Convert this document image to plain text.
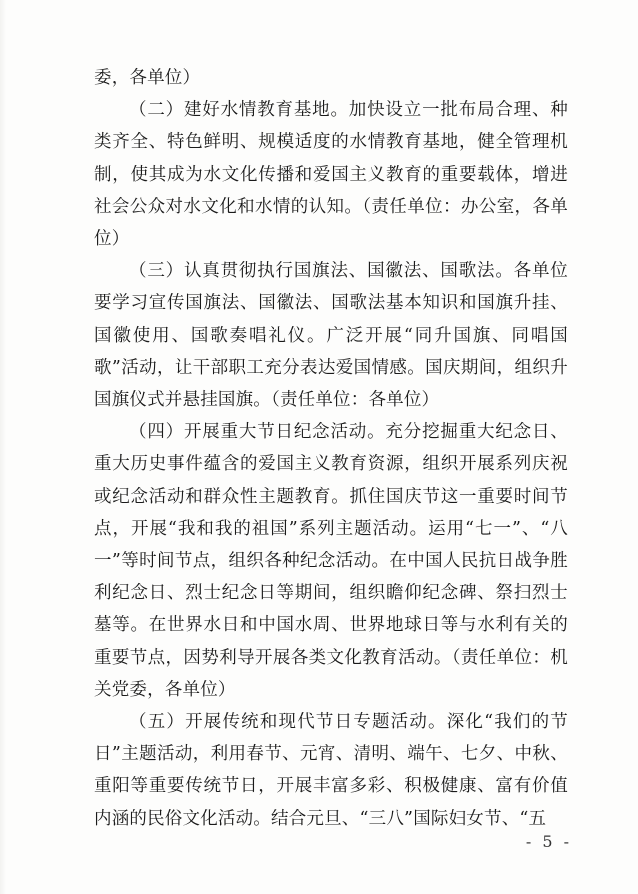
委，各单位）

（二）建好水情教育基地。加快设立一批布局合理、种类齐全、特色鲜明、规模适度的水情教育基地，健全管理机制，使其成为水文化传播和爱国主义教育的重要载体，增进社会公众对水文化和水情的认知。（责任单位：办公室，各单位）

（三）认真贯彻执行国旗法、国徽法、国歌法。各单位要学习宣传国旗法、国徽法、国歌法基本知识和国旗升挂、国徽使用、国歌奏唱礼仪。广泛开展“同升国旗、同唱国歌”活动，让干部职工充分表达爱国情感。国庆期间，组织升国旗仪式并悬挂国旗。（责任单位：各单位）

（四）开展重大节日纪念活动。充分挖掘重大纪念日、重大历史事件蕴含的爱国主义教育资源，组织开展系列庆祝或纪念活动和群众性主题教育。抓住国庆节这一重要时间节点，开展“我和我的祖国”系列主题活动。运用“七一”、“八一”等时间节点，组织各种纪念活动。在中国人民抗日战争胜利纪念日、烈士纪念日等期间，组织瞻仰纪念碑、祭扫烈士墓等。在世界水日和中国水周、世界地球日等与水利有关的重要节点，因势利导开展各类文化教育活动。（责任单位：机关党委，各单位）

（五）开展传统和现代节日专题活动。深化“我们的节日”主题活动，利用春节、元宵、清明、端午、七夕、中秋、重阳等重要传统节日，开展丰富多彩、积极健康、富有价值内涵的民俗文化活动。结合元旦、“三八”国际妇女节、“五

- 5 -
